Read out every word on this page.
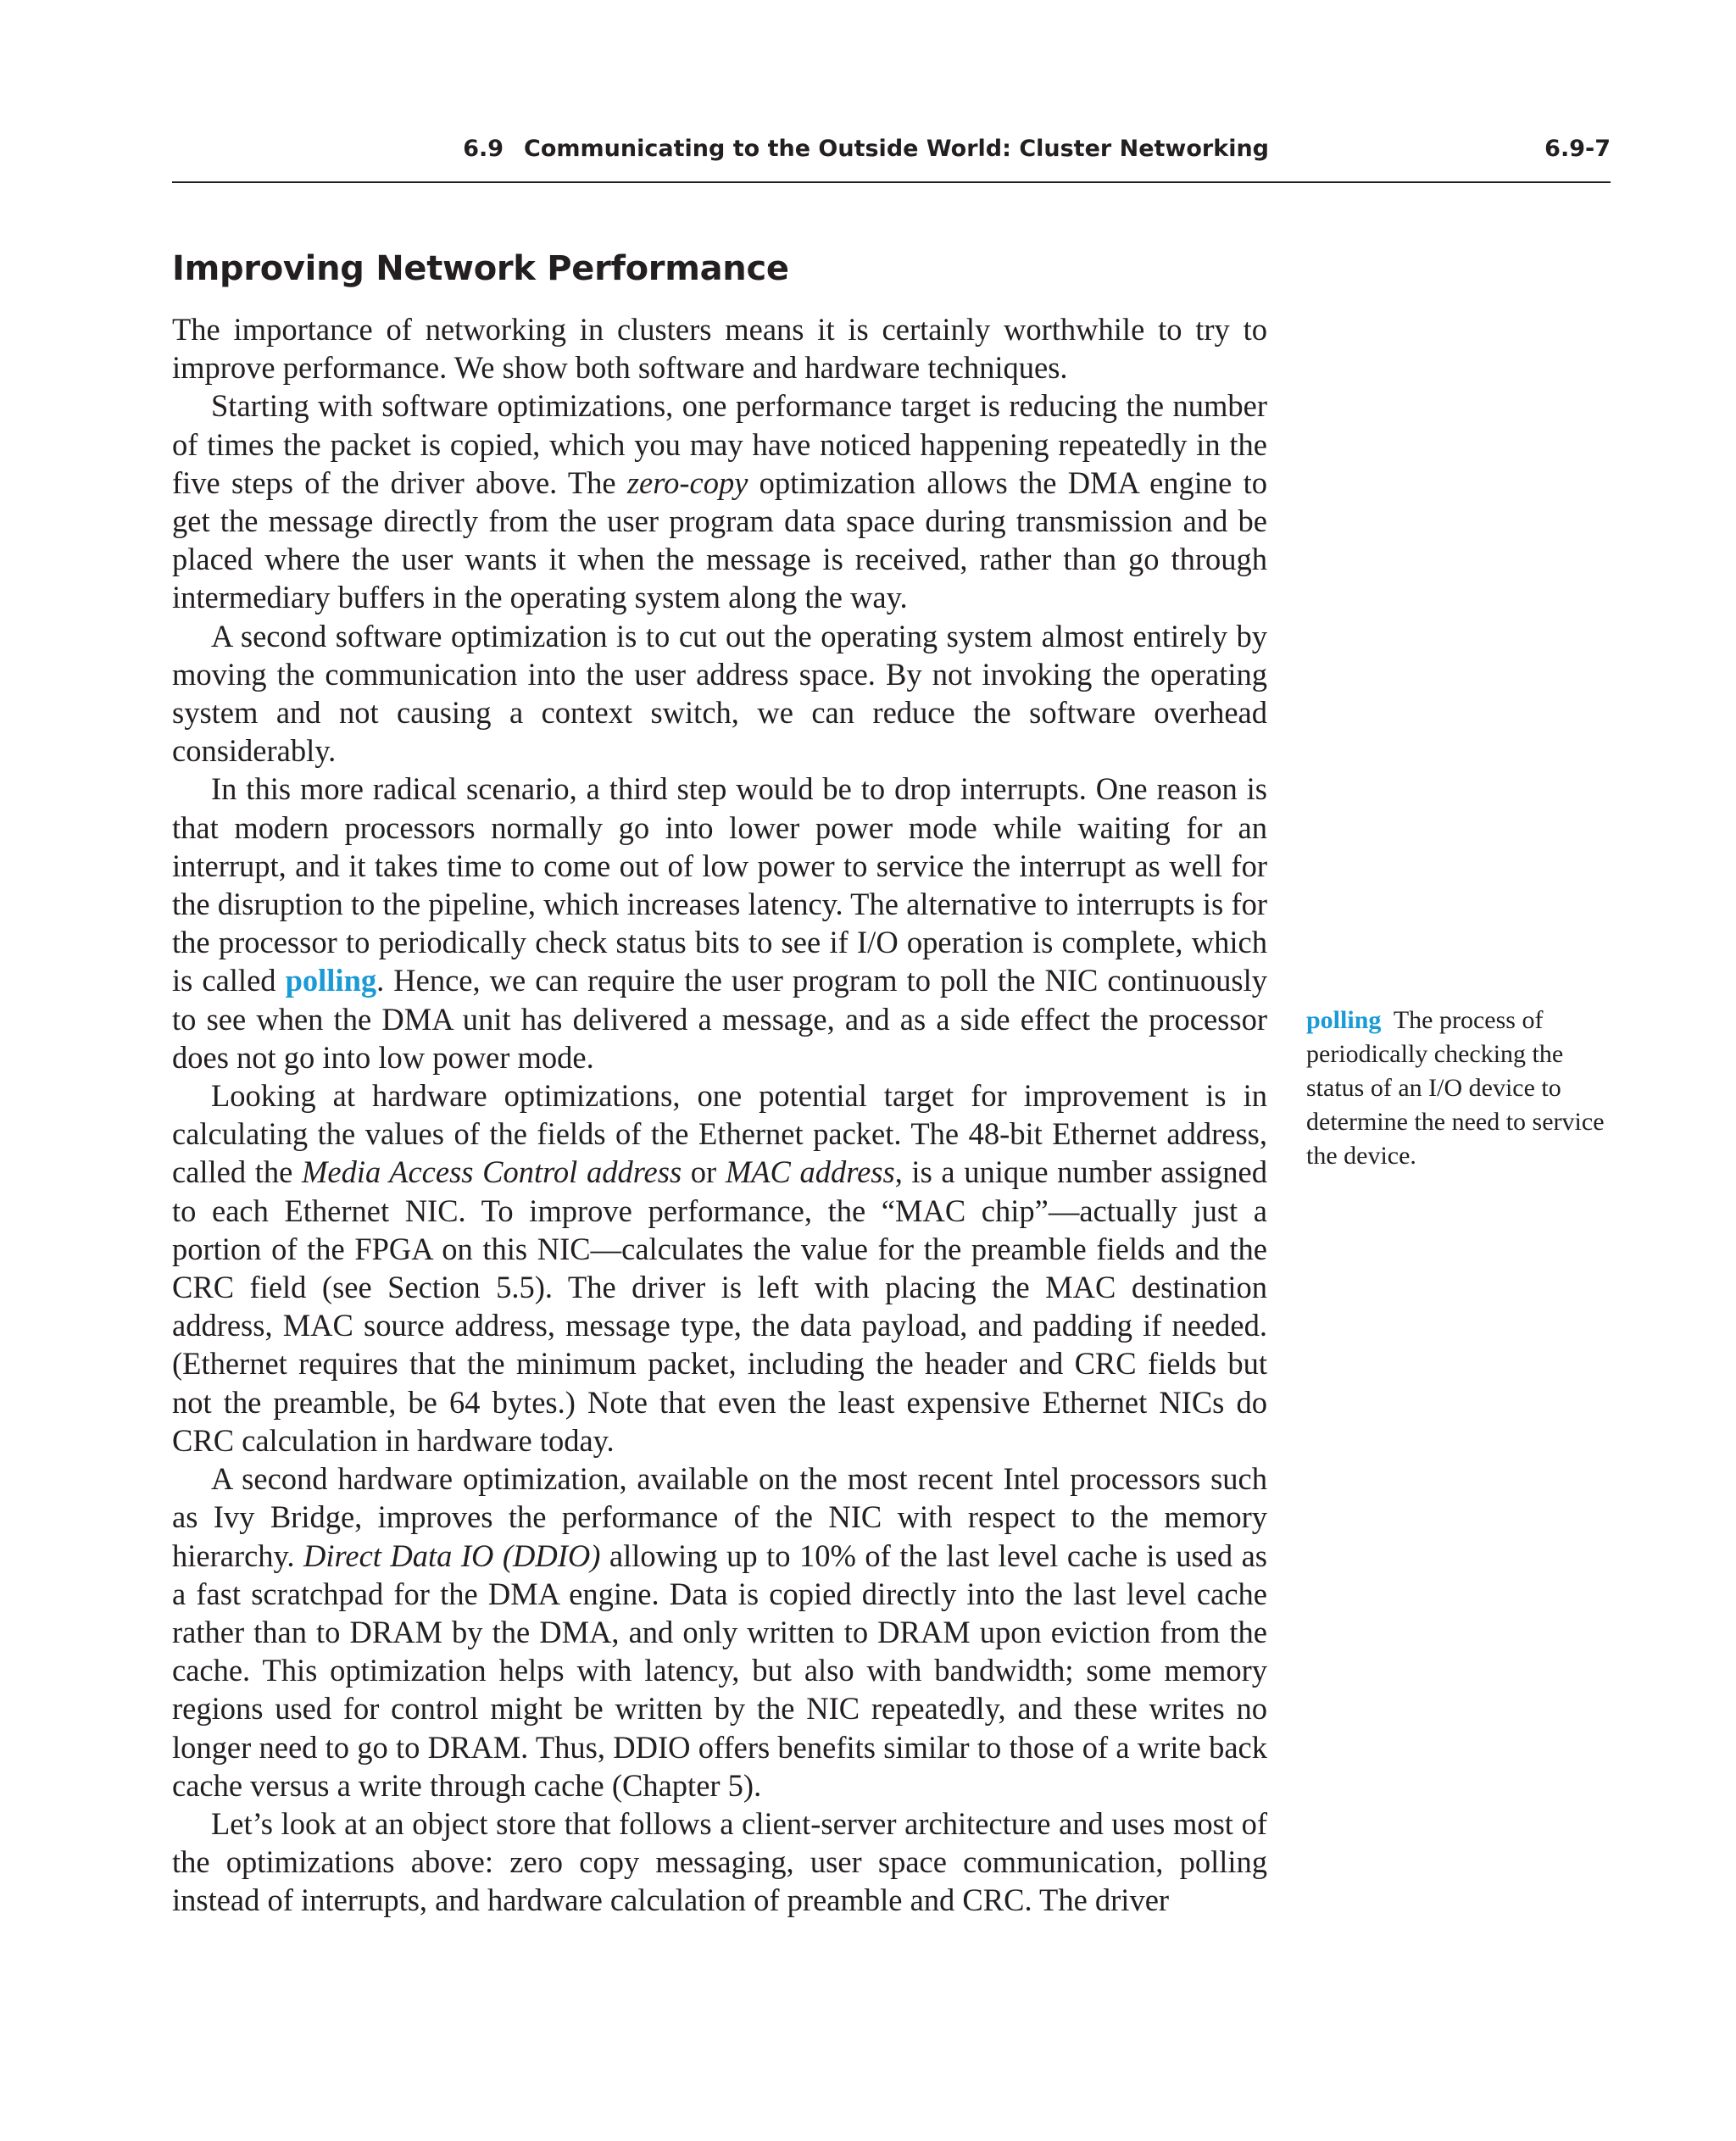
6.9 Communicating to the Outside World: Cluster Networking	6.9-7
Improving Network Performance

The importance of networking in clusters means it is certainly worthwhile to try to improve performance. We show both software and hardware techniques.

Starting with software optimizations, one performance target is reducing the number of times the packet is copied, which you may have noticed happening repeatedly in the five steps of the driver above. The zero-copy optimization allows the DMA engine to get the message directly from the user program data space during transmission and be placed where the user wants it when the message is received, rather than go through intermediary buffers in the operating system along the way.

A second software optimization is to cut out the operating system almost entirely by moving the communication into the user address space. By not invoking the operating system and not causing a context switch, we can reduce the software overhead considerably.

In this more radical scenario, a third step would be to drop interrupts. One reason is that modern processors normally go into lower power mode while waiting for an interrupt, and it takes time to come out of low power to service the interrupt as well for the disruption to the pipeline, which increases latency. The alternative to interrupts is for the processor to periodically check status bits to see if I/O operation is complete, which is called polling. Hence, we can require the user program to poll the NIC continuously to see when the DMA unit has delivered a message, and as a side effect the processor does not go into low power mode.

Looking at hardware optimizations, one potential target for improvement is in calculating the values of the fields of the Ethernet packet. The 48-bit Ethernet address, called the Media Access Control address or MAC address, is a unique number assigned to each Ethernet NIC. To improve performance, the “MAC chip”—actually just a portion of the FPGA on this NIC—calculates the value for the preamble fields and the CRC field (see Section 5.5). The driver is left with placing the MAC destination address, MAC source address, message type, the data payload, and padding if needed. (Ethernet requires that the minimum packet, including the header and CRC fields but not the preamble, be 64 bytes.) Note that even the least expensive Ethernet NICs do CRC calculation in hardware today.

A second hardware optimization, available on the most recent Intel processors such as Ivy Bridge, improves the performance of the NIC with respect to the memory hierarchy. Direct Data IO (DDIO) allowing up to 10% of the last level cache is used as a fast scratchpad for the DMA engine. Data is copied directly into the last level cache rather than to DRAM by the DMA, and only written to DRAM upon eviction from the cache. This optimization helps with latency, but also with bandwidth; some memory regions used for control might be written by the NIC repeatedly, and these writes no longer need to go to DRAM. Thus, DDIO offers benefits similar to those of a write back cache versus a write through cache (Chapter 5).

Let’s look at an object store that follows a client-server architecture and uses most of the optimizations above: zero copy messaging, user space communication, polling instead of interrupts, and hardware calculation of preamble and CRC. The driver

polling The process of periodically checking the status of an I/O device to determine the need to service the device.
